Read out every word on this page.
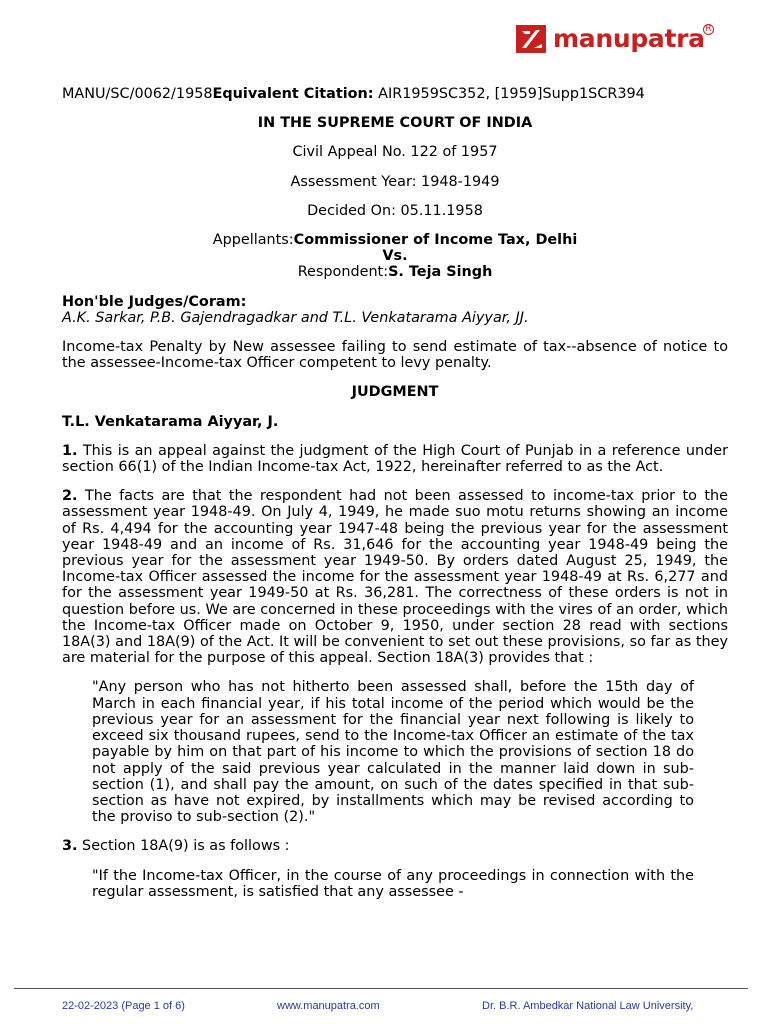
manupatra R

MANU/SC/0062/1958Equivalent Citation: AIR1959SC352, [1959]Supp1SCR394

IN THE SUPREME COURT OF INDIA

Civil Appeal No. 122 of 1957

Assessment Year: 1948-1949

Decided On: 05.11.1958

Appellants:Commissioner of Income Tax, Delhi

Vs.

Respondent:S. Teja Singh

Hon'ble Judges/Coram:

A.K. Sarkar, P.B. Gajendragadkar and T.L. Venkatarama Aiyyar, JJ.

Income-tax Penalty by New assessee failing to send estimate of tax--absence of notice to the assessee-Income-tax Officer competent to levy penalty.

JUDGMENT

T.L. Venkatarama Aiyyar, J.

1. This is an appeal against the judgment of the High Court of Punjab in a reference under section 66(1) of the Indian Income-tax Act, 1922, hereinafter referred to as the Act.

2. The facts are that the respondent had not been assessed to income-tax prior to the assessment year 1948-49. On July 4, 1949, he made suo motu returns showing an income of Rs. 4,494 for the accounting year 1947-48 being the previous year for the assessment year 1948-49 and an income of Rs. 31,646 for the accounting year 1948-49 being the previous year for the assessment year 1949-50. By orders dated August 25, 1949, the Income-tax Officer assessed the income for the assessment year 1948-49 at Rs. 6,277 and for the assessment year 1949-50 at Rs. 36,281. The correctness of these orders is not in question before us. We are concerned in these proceedings with the vires of an order, which the Income-tax Officer made on October 9, 1950, under section 28 read with sections 18A(3) and 18A(9) of the Act. It will be convenient to set out these provisions, so far as they are material for the purpose of this appeal. Section 18A(3) provides that :

"Any person who has not hitherto been assessed shall, before the 15th day of March in each financial year, if his total income of the period which would be the previous year for an assessment for the financial year next following is likely to exceed six thousand rupees, send to the Income-tax Officer an estimate of the tax payable by him on that part of his income to which the provisions of section 18 do not apply of the said previous year calculated in the manner laid down in sub-section (1), and shall pay the amount, on such of the dates specified in that sub-section as have not expired, by installments which may be revised according to the proviso to sub-section (2)."

3. Section 18A(9) is as follows :

"If the Income-tax Officer, in the course of any proceedings in connection with the regular assessment, is satisfied that any assessee -

22-02-2023 (Page 1 of 6)	www.manupatra.com	Dr. B.R. Ambedkar National Law University,
